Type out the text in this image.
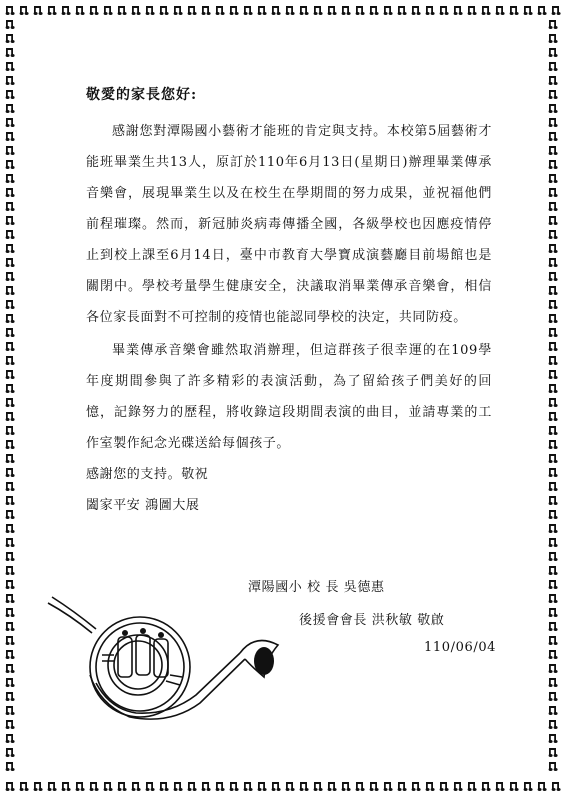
敬愛的家長您好:

感謝您對潭陽國小藝術才能班的肯定與支持。本校第5屆藝術才能班畢業生共13人，原訂於110年6月13日(星期日)辦理畢業傳承音樂會，展現畢業生以及在校生在學期間的努力成果，並祝福他們前程璀璨。然而，新冠肺炎病毒傳播全國，各級學校也因應疫情停止到校上課至6月14日，臺中市教育大學寶成演藝廳目前場館也是關閉中。學校考量學生健康安全，決議取消畢業傳承音樂會，相信各位家長面對不可控制的疫情也能認同學校的決定，共同防疫。

畢業傳承音樂會雖然取消辦理，但這群孩子很幸運的在109學年度期間參與了許多精彩的表演活動，為了留給孩子們美好的回憶，記錄努力的歷程，將收錄這段期間表演的曲目，並請專業的工作室製作紀念光碟送給每個孩子。

感謝您的支持。敬祝

闔家平安 鴻圖大展

潭陽國小 校 長 吳德惠
後援會會長 洪秋敏 敬啟
110/06/04
